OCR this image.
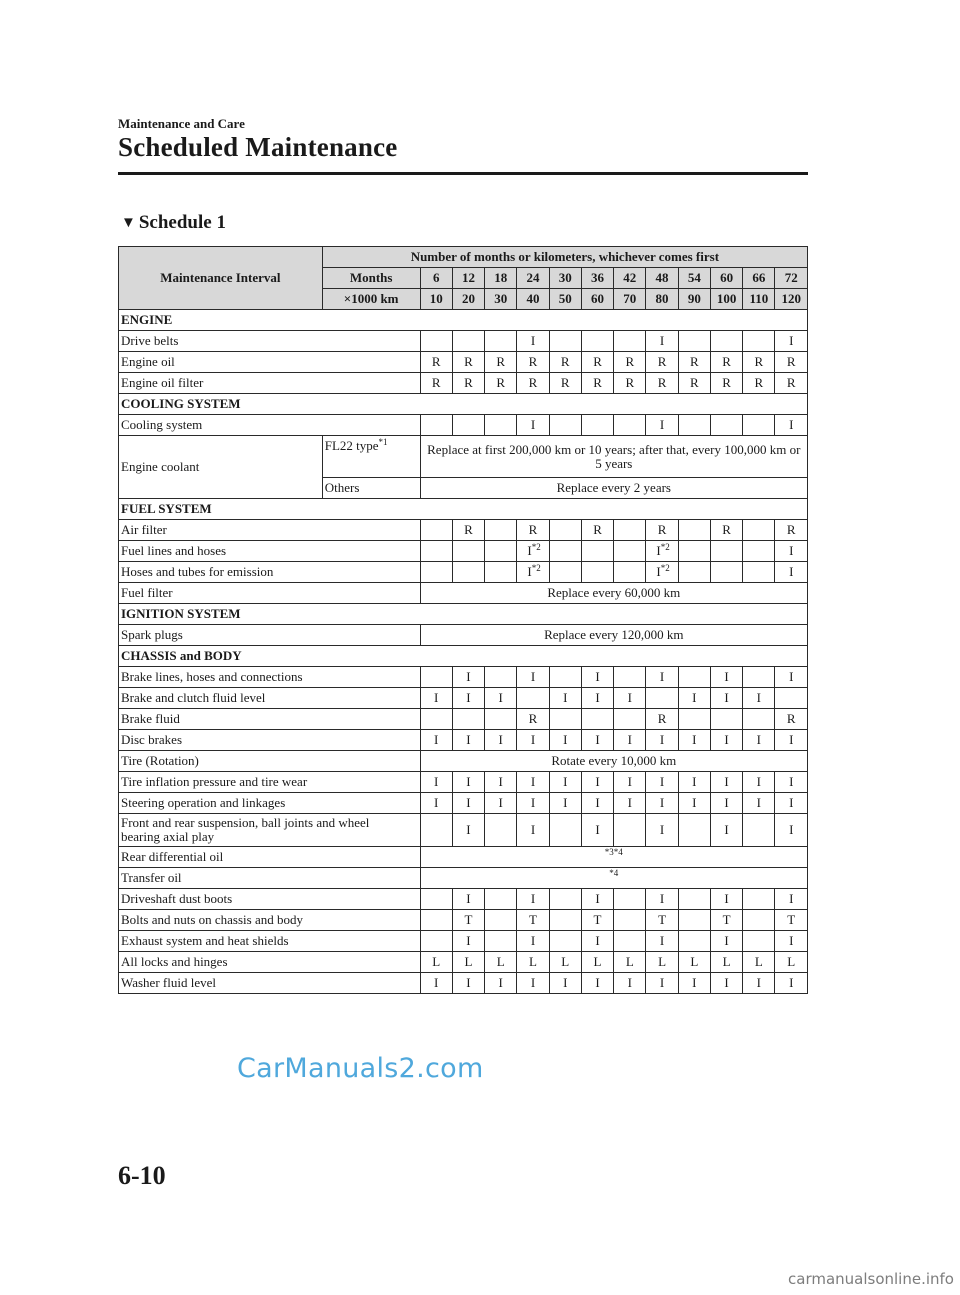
Maintenance and Care
Scheduled Maintenance
▼ Schedule 1
Maintenance Interval	Number of months or kilometers, whichever comes first												
	Months	6	12	18	24	30	36	42	48	54	60	66	72
	×1000 km	10	20	30	40	50	60	70	80	90	100	110	120
ENGINE													
Drive belts					I				I				I
Engine oil		R	R	R	R	R	R	R	R	R	R	R	R
Engine oil filter		R	R	R	R	R	R	R	R	R	R	R	R
COOLING SYSTEM													
Cooling system					I				I				I
Engine coolant	FL22 type$^{*1}$	Replace at first 200,000 km or 10 years; after that, every 100,000 km or 5 years											
	Others	Replace every 2 years											
FUEL SYSTEM													
Air filter			R		R		R		R		R		R
Fuel lines and hoses					$I^{*2}$				$I^{*2}$				I
Hoses and tubes for emission					$I^{*2}$				$I^{*2}$				I
Fuel filter		Replace every 60,000 km											
IGNITION SYSTEM													
Spark plugs		Replace every 120,000 km											
CHASSIS and BODY													
Brake lines, hoses and connections			I		I		I		I		I		I
Brake and clutch fluid level		I	I	I		I	I	I		I	I	I	
Brake fluid					R				R				R
Disc brakes		I	I	I	I	I	I	I	I	I	I	I	I
Tire (Rotation)		Rotate every 10,000 km											
Tire inflation pressure and tire wear		I	I	I	I	I	I	I	I	I	I	I	I
Steering operation and linkages		I	I	I	I	I	I	I	I	I	I	I	I
Front and rear suspension, ball joints and wheel
bearing axial play			I		I		I		I		I		I
Rear differential oil		*3*4											
Transfer oil		*4											
Driveshaft dust boots			I		I		I		I		I		I
Bolts and nuts on chassis and body			T		T		T		T		T		T
Exhaust system and heat shields			I		I		I		I		I		I
All locks and hinges		L	L	L	L	L	L	L	L	L	L	L	L
Washer fluid level		I	I	I	I	I	I	I	I	I	I	I	I
CarManuals2.com
6-10
carmanualsonline.info
